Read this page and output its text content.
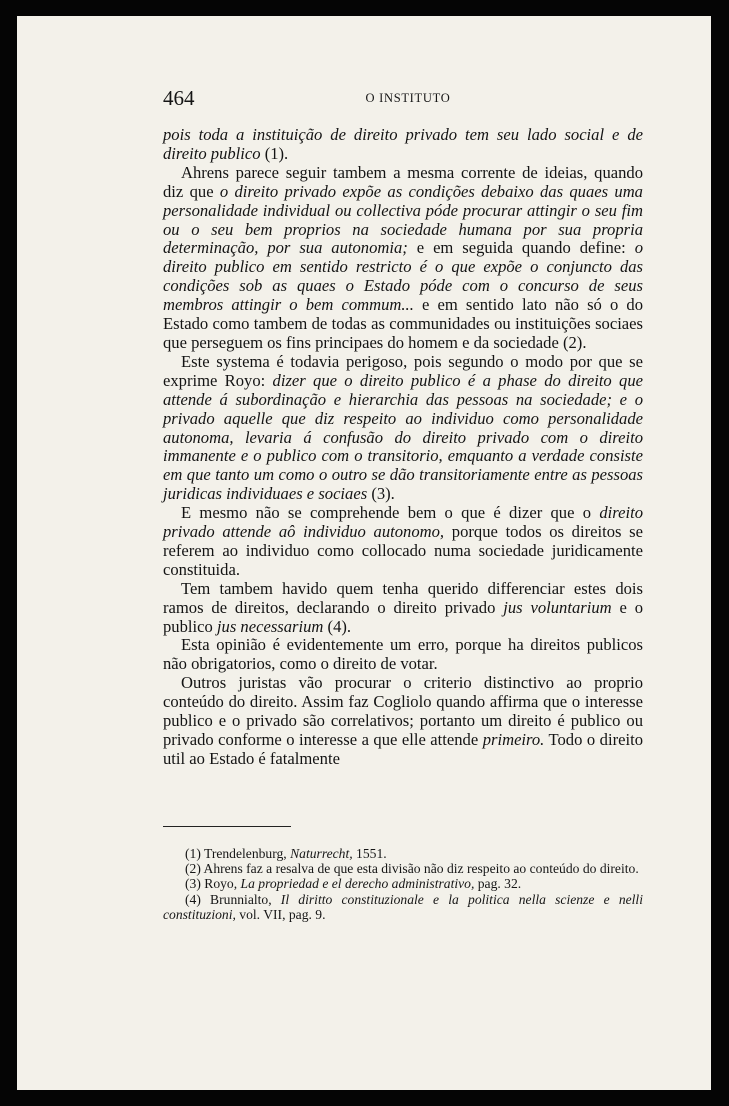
464	O INSTITUTO

pois toda a instituição de direito privado tem seu lado social e de direito publico (1).

Ahrens parece seguir tambem a mesma corrente de ideias, quando diz que o direito privado expõe as condições debaixo das quaes uma personalidade individual ou collectiva póde procurar attingir o seu fim ou o seu bem proprios na sociedade humana por sua propria determinação, por sua autonomia; e em seguida quando define: o direito publico em sentido restricto é o que expõe o conjuncto das condições sob as quaes o Estado póde com o concurso de seus membros attingir o bem commum... e em sentido lato não só o do Estado como tambem de todas as communidades ou instituições sociaes que perseguem os fins principaes do homem e da sociedade (2).

Este systema é todavia perigoso, pois segundo o modo por que se exprime Royo: dizer que o direito publico é a phase do direito que attende á subordinação e hierarchia das pessoas na sociedade; e o privado aquelle que diz respeito ao individuo como personalidade autonoma, levaria á confusão do direito privado com o direito immanente e o publico com o transitorio, emquanto a verdade consiste em que tanto um como o outro se dão transitoriamente entre as pessoas juridicas individuaes e sociaes (3).

E mesmo não se comprehende bem o que é dizer que o direito privado attende aô individuo autonomo, porque todos os direitos se referem ao individuo como collocado numa sociedade juridicamente constituida.

Tem tambem havido quem tenha querido differenciar estes dois ramos de direitos, declarando o direito privado jus voluntarium e o publico jus necessarium (4).

Esta opinião é evidentemente um erro, porque ha direitos publicos não obrigatorios, como o direito de votar.

Outros juristas vão procurar o criterio distinctivo ao proprio conteúdo do direito. Assim faz Cogliolo quando affirma que o interesse publico e o privado são correlativos; portanto um direito é publico ou privado conforme o interesse a que elle attende primeiro. Todo o direito util ao Estado é fatalmente

(1) Trendelenburg, Naturrecht, 1551.

(2) Ahrens faz a resalva de que esta divisão não diz respeito ao conteúdo do direito.

(3) Royo, La propriedad e el derecho administrativo, pag. 32.

(4) Brunnialto, Il diritto constituzionale e la politica nella scienze e nelli constituzioni, vol. VII, pag. 9.
